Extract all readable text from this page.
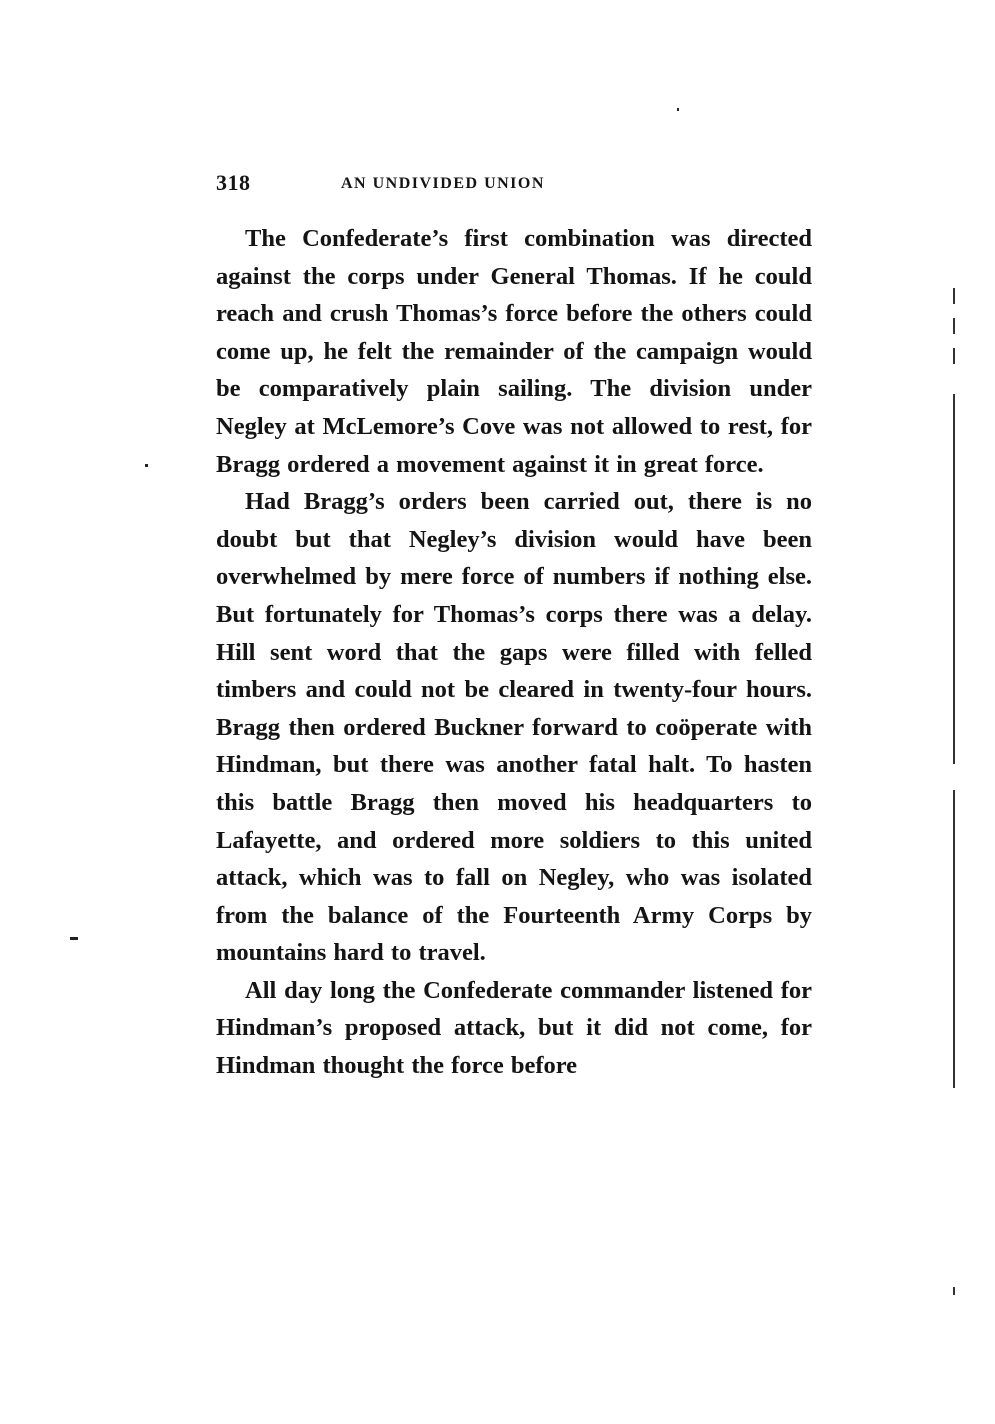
318	AN UNDIVIDED UNION

The Confederate’s first combination was directed against the corps under General Thomas. If he could reach and crush Thomas’s force before the others could come up, he felt the remainder of the campaign would be comparatively plain sailing. The division under Negley at McLemore’s Cove was not allowed to rest, for Bragg ordered a movement against it in great force.

Had Bragg’s orders been carried out, there is no doubt but that Negley’s division would have been overwhelmed by mere force of numbers if nothing else. But fortunately for Thomas’s corps there was a delay. Hill sent word that the gaps were filled with felled timbers and could not be cleared in twenty-four hours. Bragg then ordered Buckner forward to coöperate with Hindman, but there was another fatal halt. To hasten this battle Bragg then moved his headquarters to Lafayette, and ordered more soldiers to this united attack, which was to fall on Negley, who was isolated from the balance of the Fourteenth Army Corps by mountains hard to travel.

All day long the Confederate commander listened for Hindman’s proposed attack, but it did not come, for Hindman thought the force before
